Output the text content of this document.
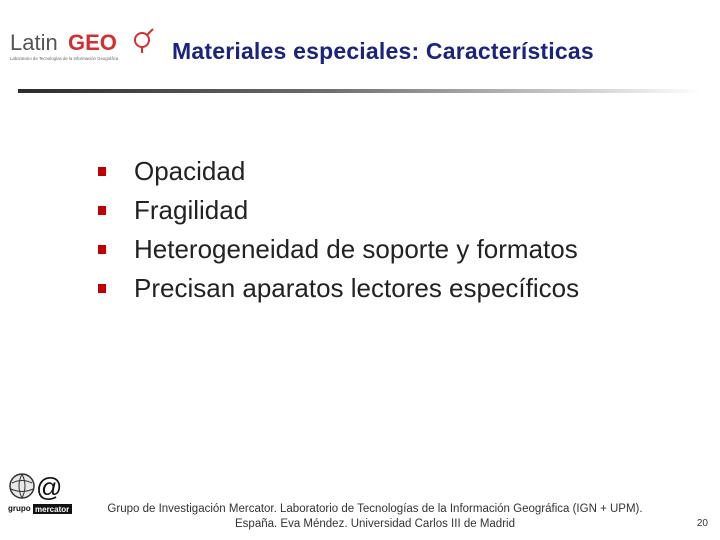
Latin GEO
Laboratorio de Tecnologías de la Información Geográfica Materiales especiales: Características
Opacidad
Fragilidad
Heterogeneidad de soporte y formatos
Precisan aparatos lectores específicos
@
grupo mercator	Grupo de Investigación Mercator. Laboratorio de Tecnologías de la Información Geográfica (IGN + UPM).
España. Eva Méndez. Universidad Carlos III de Madrid	20
